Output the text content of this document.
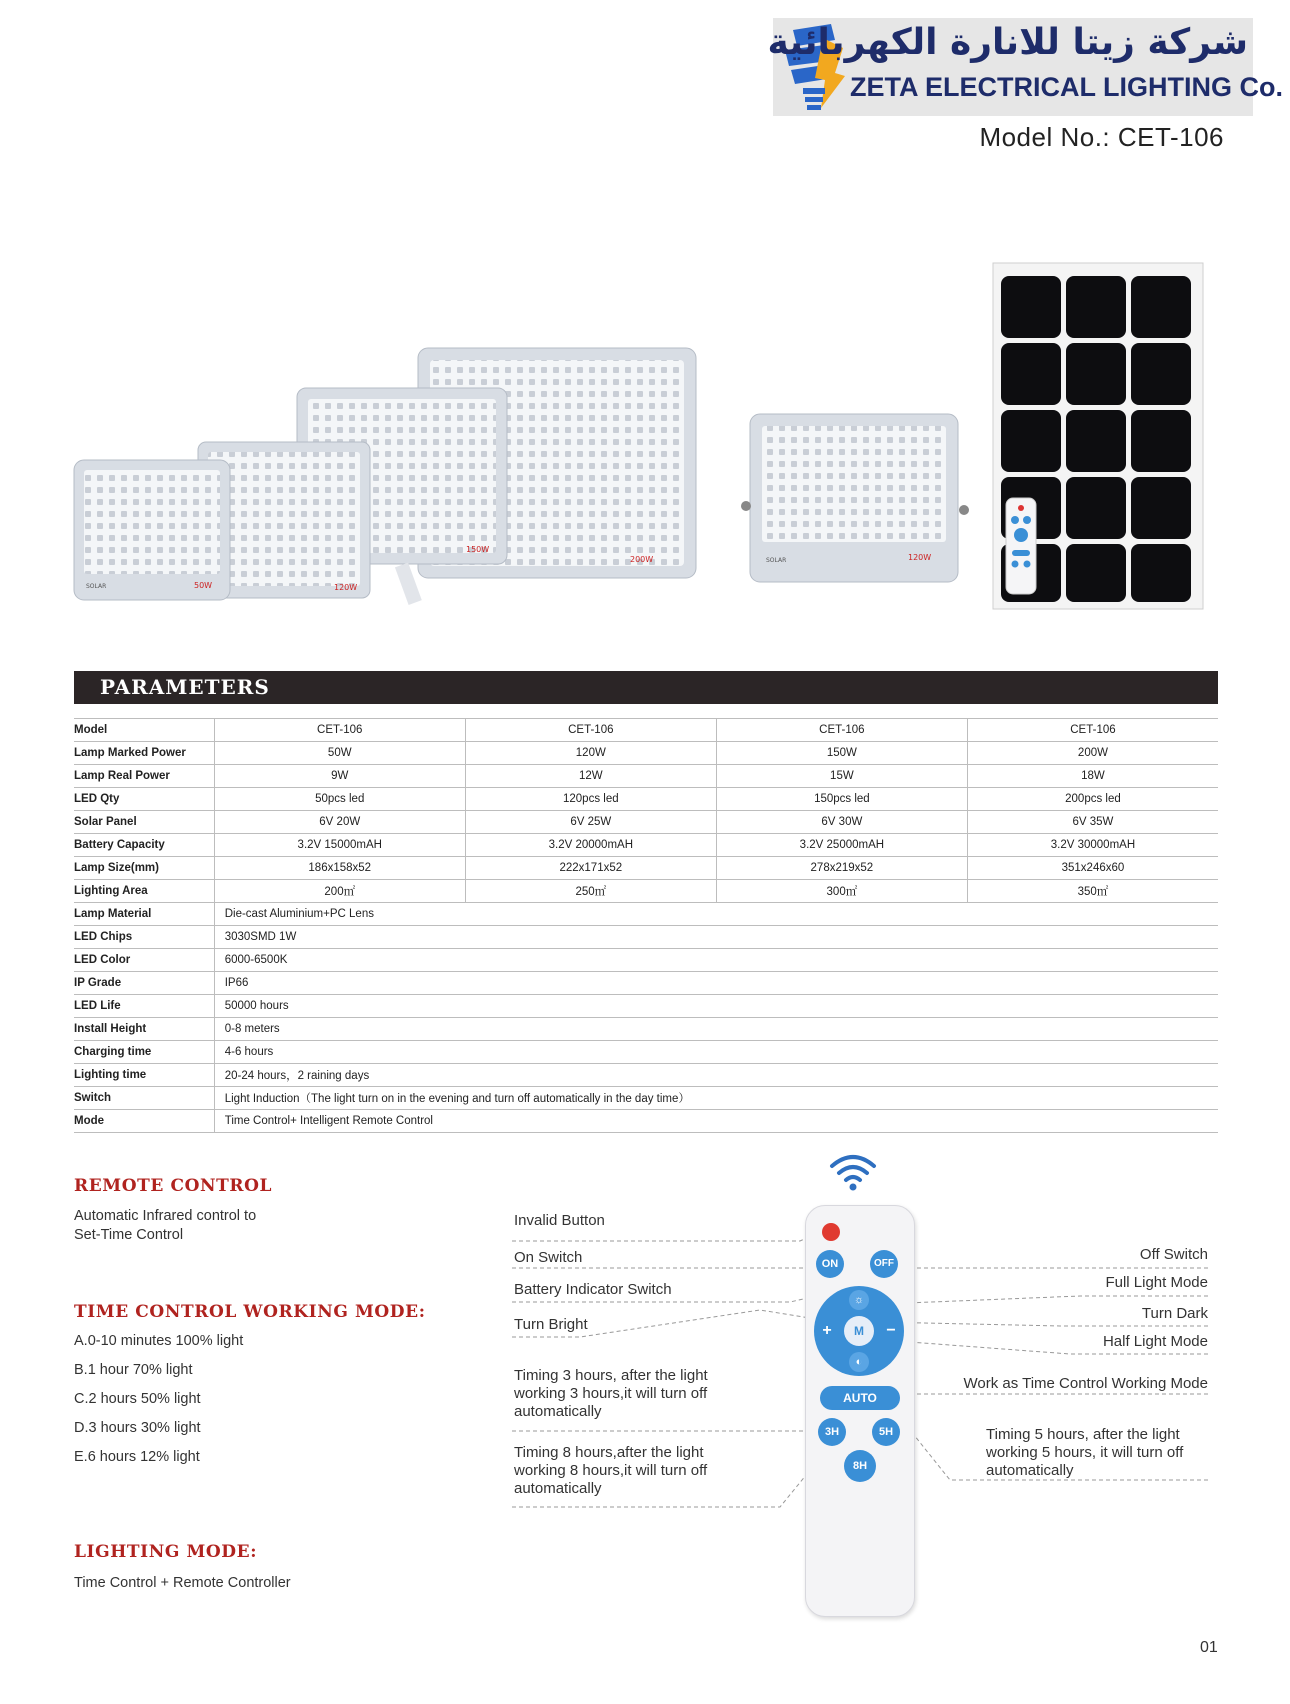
شركة زيتا للانارة الكهربائية
ZETA ELECTRICAL LIGHTING Co.
Model No.: CET-106
200W
150W
120W
SOLAR	50W
SOLAR	120W
PARAMETERS
Model	CET-106	CET-106	CET-106	CET-106
Lamp Marked Power	50W	120W	150W	200W
Lamp Real Power	9W	12W	15W	18W
LED Qty	50pcs led	120pcs led	150pcs led	200pcs led
Solar Panel	6V 20W	6V 25W	6V 30W	6V 35W
Battery Capacity	3.2V 15000mAH	3.2V 20000mAH	3.2V 25000mAH	3.2V 30000mAH
Lamp Size(mm)	186x158x52	222x171x52	278x219x52	351x246x60
Lighting Area	200㎡	250㎡	300㎡	350㎡
Lamp Material	Die-cast Aluminium+PC Lens			
LED Chips	3030SMD 1W			
LED Color	6000-6500K			
IP Grade	IP66			
LED Life	50000 hours			
Install Height	0-8 meters			
Charging time	4-6 hours			
Lighting time	20-24 hours，2 raining days			
Switch	Light Induction（The light turn on in the evening and turn off automatically in the day time）			
Mode	Time Control+ Intelligent Remote Control			
REMOTE CONTROL
Automatic Infrared control to
Set-Time Control
TIME CONTROL WORKING MODE:
A.0-10 minutes 100% light
B.1 hour 70% light
C.2 hours 50% light
D.3 hours 30% light
E.6 hours 12% light
LIGHTING MODE:
Time Control + Remote Controller
ON	OFF
☼
+	−
M
◐
AUTO
3H	5H
8H
Invalid Button
On Switch
Battery Indicator Switch
Turn Bright
Timing 3 hours, after the light
working 3 hours,it will turn off
automatically
Timing 8 hours,after the light
working 8 hours,it will turn off
automatically
Off Switch
Full Light Mode
Turn Dark
Half Light Mode
Work as Time Control Working Mode
Timing 5 hours, after the light
working 5 hours, it will turn off
automatically
01
